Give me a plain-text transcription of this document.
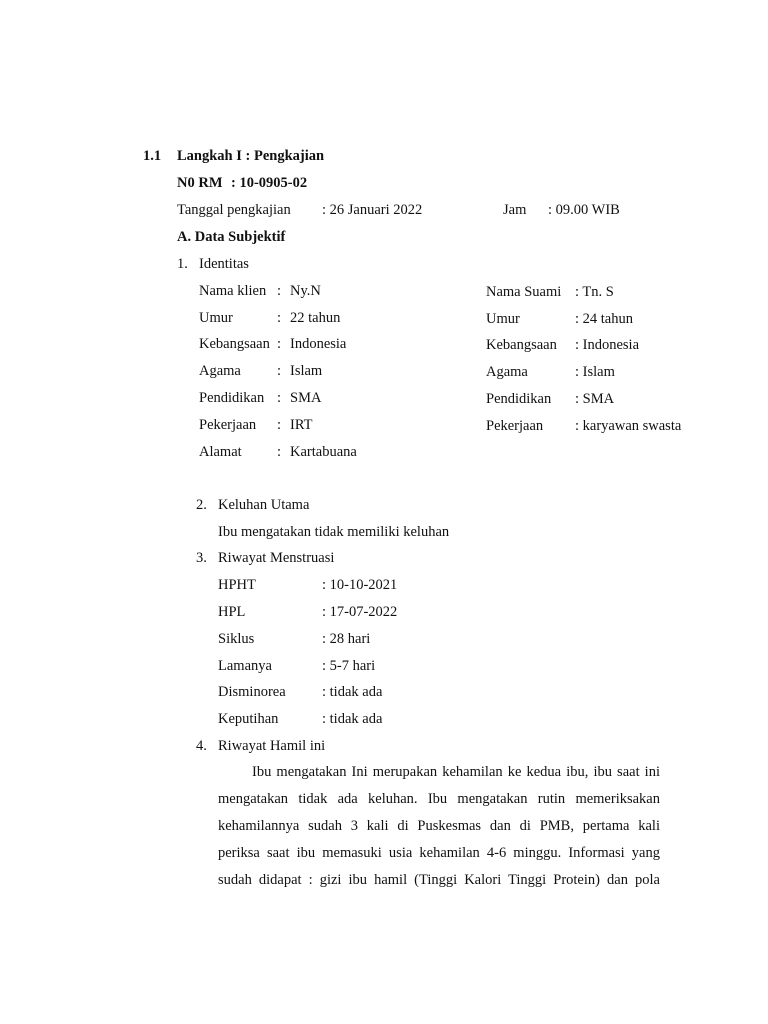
1.1 Langkah I : Pengkajian
N0 RM : 10-0905-02
Tanggal pengkajian : 26 Januari 2022	Jam : 09.00 WIB
A. Data Subjektif
1. Identitas
Nama klien : Ny.N
Umur	: 22 tahun
Kebangsaan : Indonesia
Agama : Islam
Pendidikan : SMA
Pekerjaan : IRT
Alamat : Kartabuana
Nama Suami : Tn. S
Umur	: 24 tahun
Kebangsaan : Indonesia
Agama	: Islam
Pendidikan : SMA
Pekerjaan : karyawan swasta
2. Keluhan Utama
Ibu mengatakan tidak memiliki keluhan
3. Riwayat Menstruasi
HPHT	: 10-10-2021
HPL	: 17-07-2022
Siklus	: 28 hari
Lamanya	: 5-7 hari
Disminorea	: tidak ada
Keputihan	: tidak ada
4. Riwayat Hamil ini
Ibu mengatakan Ini merupakan kehamilan ke kedua ibu, ibu saat ini
mengatakan tidak ada keluhan. Ibu mengatakan rutin memeriksakan
kehamilannya sudah 3 kali di Puskesmas dan di PMB, pertama kali
periksa saat ibu memasuki usia kehamilan 4-6 minggu. Informasi yang
sudah didapat : gizi ibu hamil (Tinggi Kalori Tinggi Protein) dan pola
